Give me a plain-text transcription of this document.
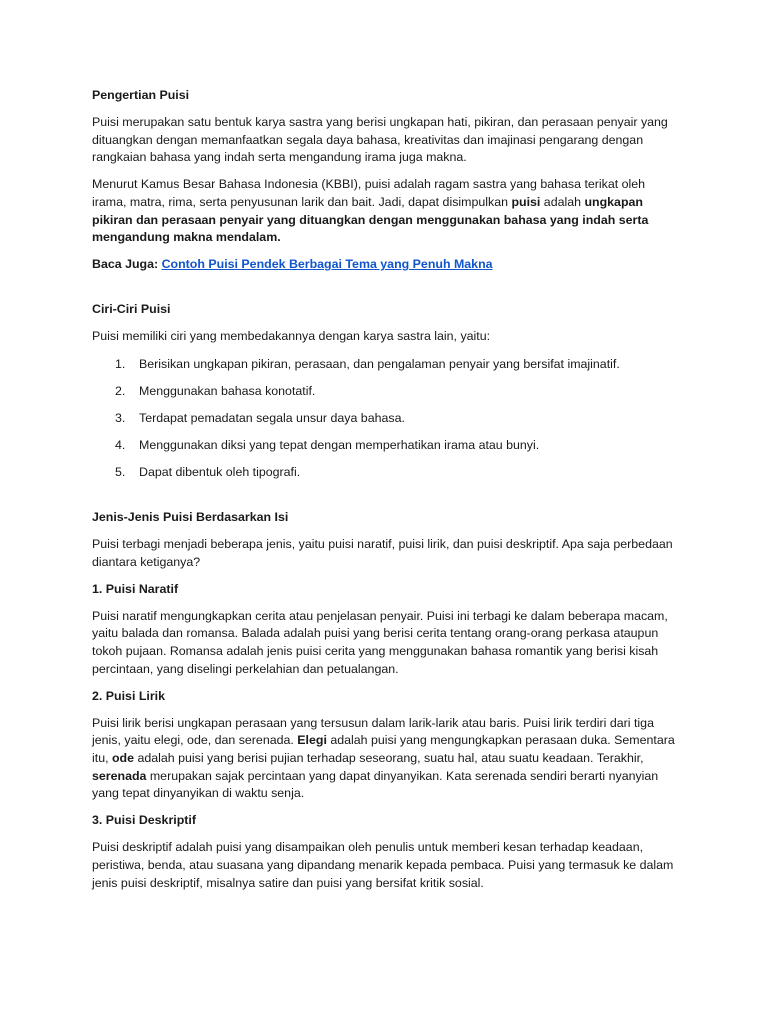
Pengertian Puisi

Puisi merupakan satu bentuk karya sastra yang berisi ungkapan hati, pikiran, dan perasaan penyair yang dituangkan dengan memanfaatkan segala daya bahasa, kreativitas dan imajinasi pengarang dengan rangkaian bahasa yang indah serta mengandung irama juga makna.

Menurut Kamus Besar Bahasa Indonesia (KBBI), puisi adalah ragam sastra yang bahasa terikat oleh irama, matra, rima, serta penyusunan larik dan bait. Jadi, dapat disimpulkan puisi adalah ungkapan pikiran dan perasaan penyair yang dituangkan dengan menggunakan bahasa yang indah serta mengandung makna mendalam.

Baca Juga: Contoh Puisi Pendek Berbagai Tema yang Penuh Makna

Ciri-Ciri Puisi

Puisi memiliki ciri yang membedakannya dengan karya sastra lain, yaitu:

1. Berisikan ungkapan pikiran, perasaan, dan pengalaman penyair yang bersifat imajinatif.
2. Menggunakan bahasa konotatif.
3. Terdapat pemadatan segala unsur daya bahasa.
4. Menggunakan diksi yang tepat dengan memperhatikan irama atau bunyi.
5. Dapat dibentuk oleh tipografi.

Jenis-Jenis Puisi Berdasarkan Isi

Puisi terbagi menjadi beberapa jenis, yaitu puisi naratif, puisi lirik, dan puisi deskriptif. Apa saja perbedaan diantara ketiganya?

1. Puisi Naratif

Puisi naratif mengungkapkan cerita atau penjelasan penyair. Puisi ini terbagi ke dalam beberapa macam, yaitu balada dan romansa. Balada adalah puisi yang berisi cerita tentang orang-orang perkasa ataupun tokoh pujaan. Romansa adalah jenis puisi cerita yang menggunakan bahasa romantik yang berisi kisah percintaan, yang diselingi perkelahian dan petualangan.

2. Puisi Lirik

Puisi lirik berisi ungkapan perasaan yang tersusun dalam larik-larik atau baris. Puisi lirik terdiri dari tiga jenis, yaitu elegi, ode, dan serenada. Elegi adalah puisi yang mengungkapkan perasaan duka. Sementara itu, ode adalah puisi yang berisi pujian terhadap seseorang, suatu hal, atau suatu keadaan. Terakhir, serenada merupakan sajak percintaan yang dapat dinyanyikan. Kata serenada sendiri berarti nyanyian yang tepat dinyanyikan di waktu senja.

3. Puisi Deskriptif

Puisi deskriptif adalah puisi yang disampaikan oleh penulis untuk memberi kesan terhadap keadaan, peristiwa, benda, atau suasana yang dipandang menarik kepada pembaca. Puisi yang termasuk ke dalam jenis puisi deskriptif, misalnya satire dan puisi yang bersifat kritik sosial.
